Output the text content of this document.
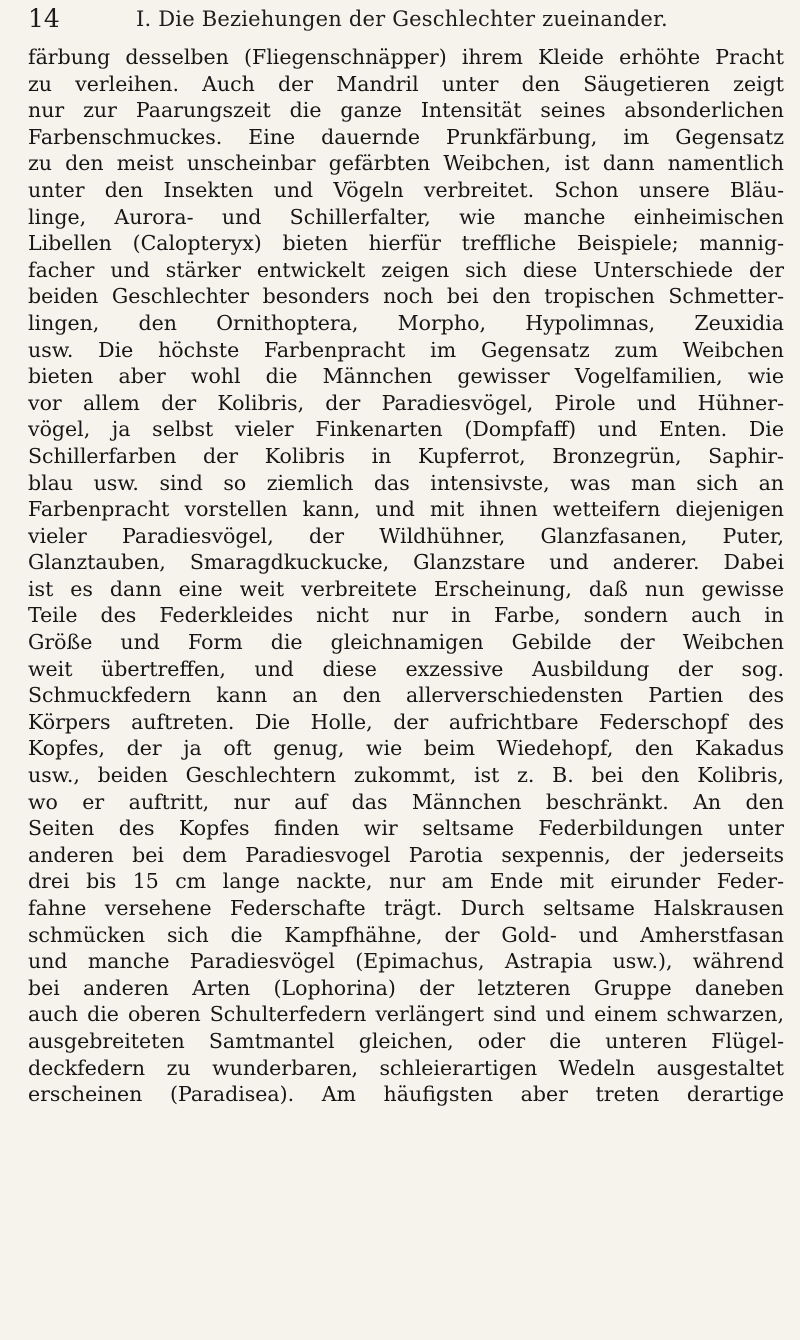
14	I. Die Beziehungen der Geschlechter zueinander.
färbung desselben (Fliegenschnäpper) ihrem Kleide erhöhte Pracht
zu verleihen. Auch der Mandril unter den Säugetieren zeigt
nur zur Paarungszeit die ganze Intensität seines absonderlichen
Farbenschmuckes. Eine dauernde Prunkfärbung, im Gegensatz
zu den meist unscheinbar gefärbten Weibchen, ist dann namentlich
unter den Insekten und Vögeln verbreitet. Schon unsere Bläu-
linge, Aurora- und Schillerfalter, wie manche einheimischen
Libellen (Calopteryx) bieten hierfür treffliche Beispiele; mannig-
facher und stärker entwickelt zeigen sich diese Unterschiede der
beiden Geschlechter besonders noch bei den tropischen Schmetter-
lingen, den Ornithoptera, Morpho, Hypolimnas, Zeuxidia
usw. Die höchste Farbenpracht im Gegensatz zum Weibchen
bieten aber wohl die Männchen gewisser Vogelfamilien, wie
vor allem der Kolibris, der Paradiesvögel, Pirole und Hühner-
vögel, ja selbst vieler Finkenarten (Dompfaff) und Enten. Die
Schillerfarben der Kolibris in Kupferrot, Bronzegrün, Saphir-
blau usw. sind so ziemlich das intensivste, was man sich an
Farbenpracht vorstellen kann, und mit ihnen wetteifern diejenigen
vieler Paradiesvögel, der Wildhühner, Glanzfasanen, Puter,
Glanztauben, Smaragdkuckucke, Glanzstare und anderer. Dabei
ist es dann eine weit verbreitete Erscheinung, daß nun gewisse
Teile des Federkleides nicht nur in Farbe, sondern auch in
Größe und Form die gleichnamigen Gebilde der Weibchen
weit übertreffen, und diese exzessive Ausbildung der sog.
Schmuckfedern kann an den allerverschiedensten Partien des
Körpers auftreten. Die Holle, der aufrichtbare Federschopf des
Kopfes, der ja oft genug, wie beim Wiedehopf, den Kakadus
usw., beiden Geschlechtern zukommt, ist z. B. bei den Kolibris,
wo er auftritt, nur auf das Männchen beschränkt. An den
Seiten des Kopfes finden wir seltsame Federbildungen unter
anderen bei dem Paradiesvogel Parotia sexpennis, der jederseits
drei bis 15 cm lange nackte, nur am Ende mit eirunder Feder-
fahne versehene Federschafte trägt. Durch seltsame Halskrausen
schmücken sich die Kampfhähne, der Gold- und Amherstfasan
und manche Paradiesvögel (Epimachus, Astrapia usw.), während
bei anderen Arten (Lophorina) der letzteren Gruppe daneben
auch die oberen Schulterfedern verlängert sind und einem schwarzen,
ausgebreiteten Samtmantel gleichen, oder die unteren Flügel-
deckfedern zu wunderbaren, schleierartigen Wedeln ausgestaltet
erscheinen (Paradisea). Am häufigsten aber treten derartige
